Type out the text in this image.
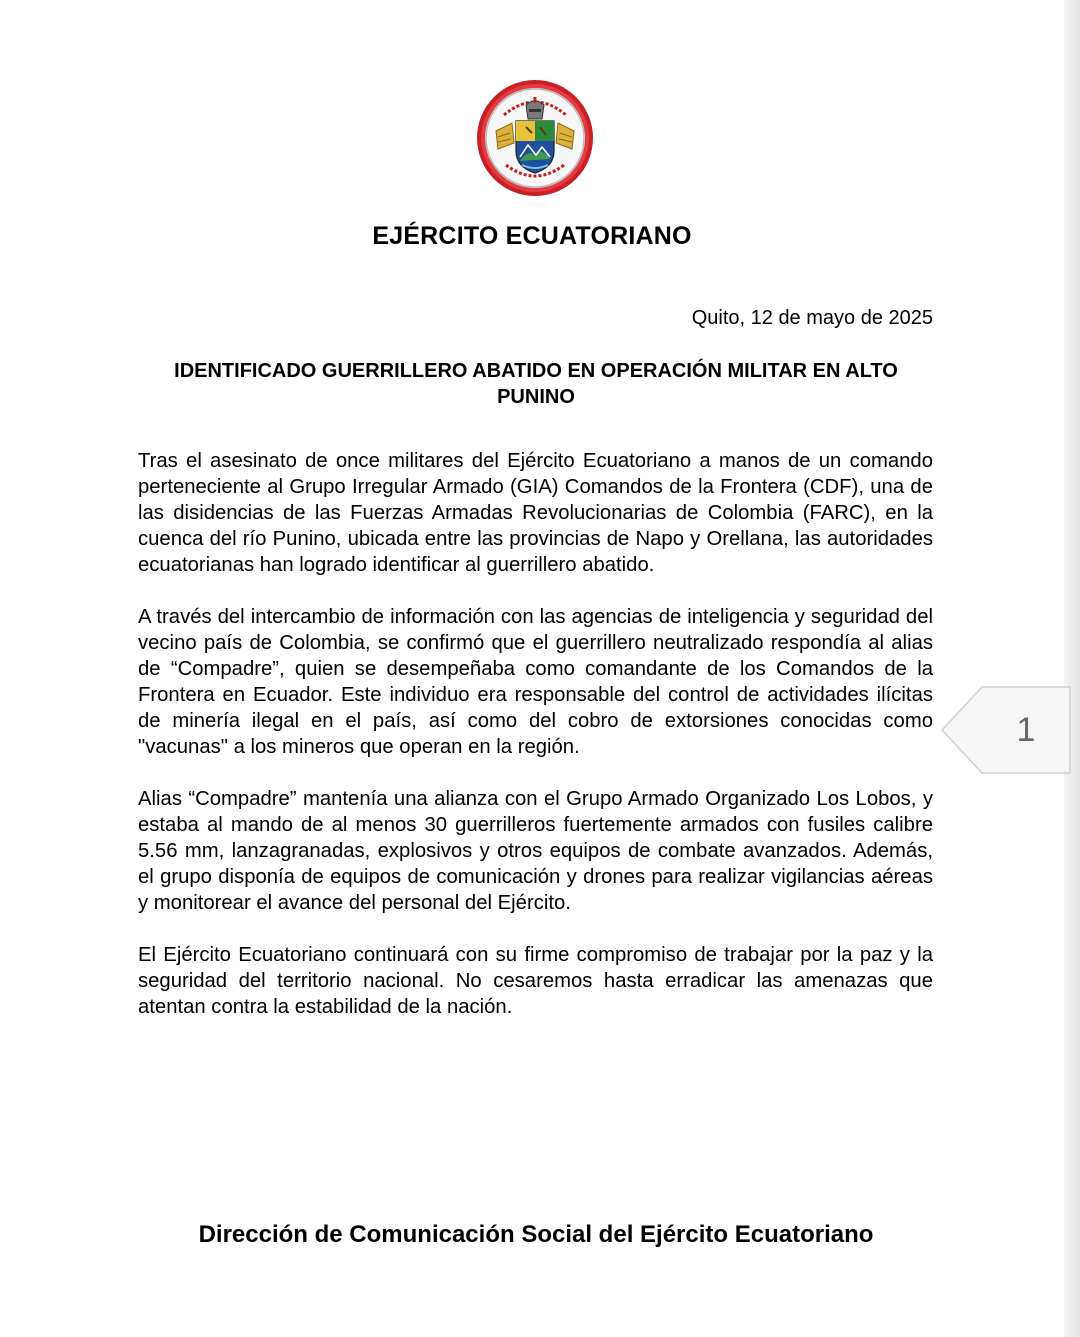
EJÉRCITO ECUATORIANO
Quito, 12 de mayo de 2025
IDENTIFICADO GUERRILLERO ABATIDO EN OPERACIÓN MILITAR EN ALTO PUNINO

Tras el asesinato de once militares del Ejército Ecuatoriano a manos de un comando perteneciente al Grupo Irregular Armado (GIA) Comandos de la Frontera (CDF), una de las disidencias de las Fuerzas Armadas Revolucionarias de Colombia (FARC), en la cuenca del río Punino, ubicada entre las provincias de Napo y Orellana, las autoridades ecuatorianas han logrado identificar al guerrillero abatido.

A través del intercambio de información con las agencias de inteligencia y seguridad del vecino país de Colombia, se confirmó que el guerrillero neutralizado respondía al alias de “Compadre”, quien se desempeñaba como comandante de los Comandos de la Frontera en Ecuador. Este individuo era responsable del control de actividades ilícitas de minería ilegal en el país, así como del cobro de extorsiones conocidas como "vacunas" a los mineros que operan en la región.

Alias “Compadre” mantenía una alianza con el Grupo Armado Organizado Los Lobos, y estaba al mando de al menos 30 guerrilleros fuertemente armados con fusiles calibre 5.56 mm, lanzagranadas, explosivos y otros equipos de combate avanzados. Además, el grupo disponía de equipos de comunicación y drones para realizar vigilancias aéreas y monitorear el avance del personal del Ejército.

El Ejército Ecuatoriano continuará con su firme compromiso de trabajar por la paz y la seguridad del territorio nacional. No cesaremos hasta erradicar las amenazas que atentan contra la estabilidad de la nación.

Dirección de Comunicación Social del Ejército Ecuatoriano
1
